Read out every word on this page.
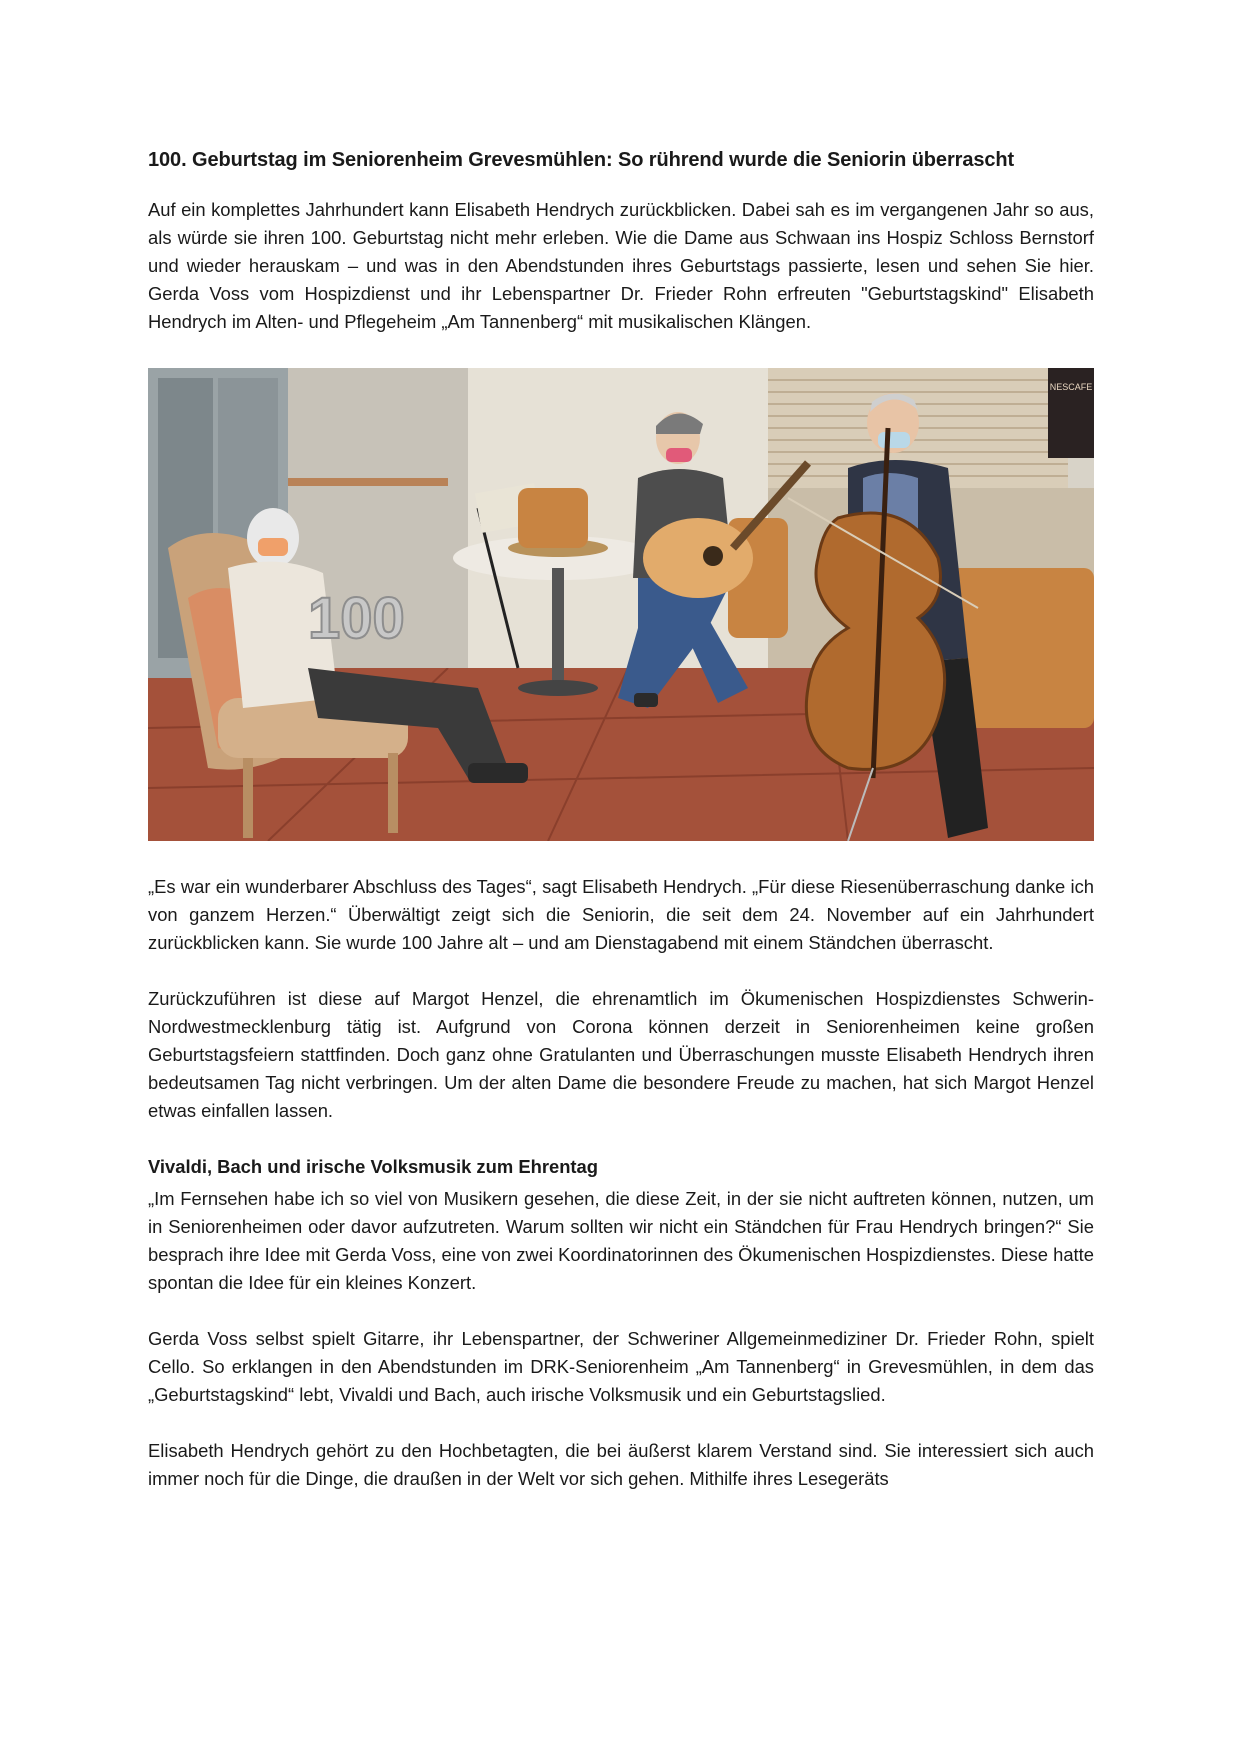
100. Geburtstag im Seniorenheim Grevesmühlen: So rührend wurde die Seniorin überrascht

Auf ein komplettes Jahrhundert kann Elisabeth Hendrych zurückblicken. Dabei sah es im vergangenen Jahr so aus, als würde sie ihren 100. Geburtstag nicht mehr erleben. Wie die Dame aus Schwaan ins Hospiz Schloss Bernstorf und wieder herauskam – und was in den Abendstunden ihres Geburtstags passierte, lesen und sehen Sie hier. Gerda Voss vom Hospizdienst und ihr Lebenspartner Dr. Frieder Rohn erfreuten "Geburtstagskind" Elisabeth Hendrych im Alten- und Pflegeheim „Am Tannenberg“ mit musikalischen Klängen.

NESCAFE
100

„Es war ein wunderbarer Abschluss des Tages“, sagt Elisabeth Hendrych. „Für diese Riesenüberraschung danke ich von ganzem Herzen.“ Überwältigt zeigt sich die Seniorin, die seit dem 24. November auf ein Jahrhundert zurückblicken kann. Sie wurde 100 Jahre alt – und am Dienstagabend mit einem Ständchen überrascht.

Zurückzuführen ist diese auf Margot Henzel, die ehrenamtlich im Ökumenischen Hospizdienstes Schwerin-Nordwestmecklenburg tätig ist. Aufgrund von Corona können derzeit in Seniorenheimen keine großen Geburtstagsfeiern stattfinden. Doch ganz ohne Gratulanten und Überraschungen musste Elisabeth Hendrych ihren bedeutsamen Tag nicht verbringen. Um der alten Dame die besondere Freude zu machen, hat sich Margot Henzel etwas einfallen lassen.

Vivaldi, Bach und irische Volksmusik zum Ehrentag

„Im Fernsehen habe ich so viel von Musikern gesehen, die diese Zeit, in der sie nicht auftreten können, nutzen, um in Seniorenheimen oder davor aufzutreten. Warum sollten wir nicht ein Ständchen für Frau Hendrych bringen?“ Sie besprach ihre Idee mit Gerda Voss, eine von zwei Koordinatorinnen des Ökumenischen Hospizdienstes. Diese hatte spontan die Idee für ein kleines Konzert.

Gerda Voss selbst spielt Gitarre, ihr Lebenspartner, der Schweriner Allgemeinmediziner Dr. Frieder Rohn, spielt Cello. So erklangen in den Abendstunden im DRK-Seniorenheim „Am Tannenberg“ in Grevesmühlen, in dem das „Geburtstagskind“ lebt, Vivaldi und Bach, auch irische Volksmusik und ein Geburtstagslied.

Elisabeth Hendrych gehört zu den Hochbetagten, die bei äußerst klarem Verstand sind. Sie interessiert sich auch immer noch für die Dinge, die draußen in der Welt vor sich gehen. Mithilfe ihres Lesegeräts
